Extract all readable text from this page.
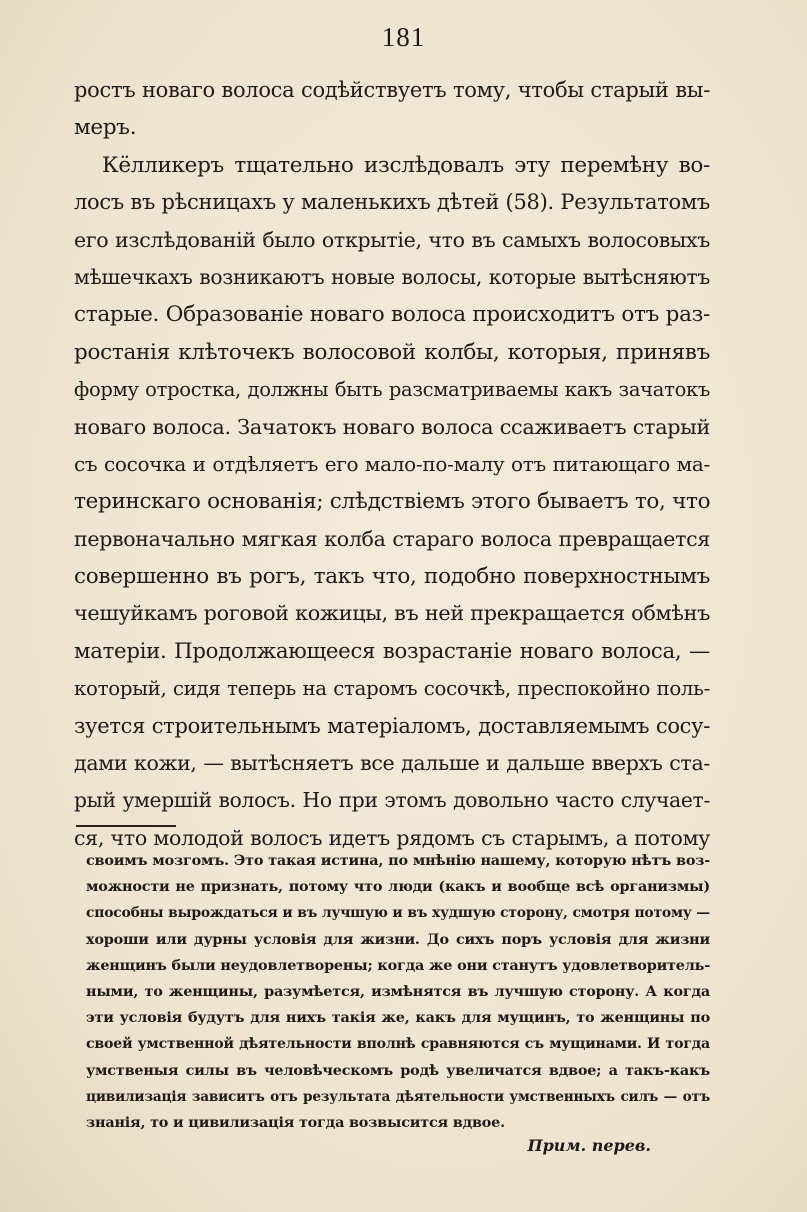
181
ростъ новаго волоса содѣйствуетъ тому, чтобы старый вы-
меръ.
Кёлликеръ тщательно изслѣдовалъ эту перемѣну во-
лосъ въ рѣсницахъ у маленькихъ дѣтей (58). Результатомъ
его изслѣдованій было открытіе, что въ самыхъ волосовыхъ
мѣшечкахъ возникаютъ новые волосы, которые вытѣсняютъ
старые. Образованіе новаго волоса происходитъ отъ раз-
ростанія клѣточекъ волосовой колбы, которыя, принявъ
форму отростка, должны быть разсматриваемы какъ зачатокъ
новаго волоса. Зачатокъ новаго волоса ссаживаетъ старый
съ сосочка и отдѣляетъ его мало-по-малу отъ питающаго ма-
теринскаго основанія; слѣдствіемъ этого бываетъ то, что
первоначально мягкая колба стараго волоса превращается
совершенно въ рогъ, такъ что, подобно поверхностнымъ
чешуйкамъ роговой кожицы, въ ней прекращается обмѣнъ
матеріи. Продолжающееся возрастаніе новаго волоса, —
который, сидя теперь на старомъ сосочкѣ, преспокойно поль-
зуется строительнымъ матеріаломъ, доставляемымъ сосу-
дами кожи, — вытѣсняетъ все дальше и дальше вверхъ ста-
рый умершій волосъ. Но при этомъ довольно часто случает-
ся, что молодой волосъ идетъ рядомъ съ старымъ, а потому
своимъ мозгомъ. Это такая истина, по мнѣнію нашему, которую нѣтъ воз-
можности не признать, потому что люди (какъ и вообще всѣ организмы)
способны вырождаться и въ лучшую и въ худшую сторону, смотря потому —
хороши или дурны условія для жизни. До сихъ поръ условія для жизни
женщинъ были неудовлетворены; когда же они станутъ удовлетворитель-
ными, то женщины, разумѣется, измѣнятся въ лучшую сторону. А когда
эти условія будутъ для нихъ такія же, какъ для мущинъ, то женщины по
своей умственной дѣятельности вполнѣ сравняются съ мущинами. И тогда
умственыя силы въ человѣческомъ родѣ увеличатся вдвое; а такъ-какъ
цивилизація зависитъ отъ результата дѣятельности умственныхъ силъ — отъ
знанія, то и цивилизація тогда возвысится вдвое.
Прим. перев.
